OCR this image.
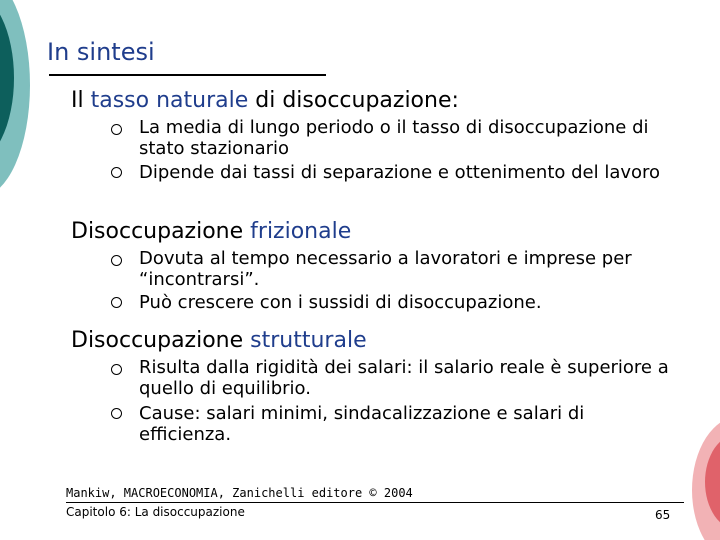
In sintesi
Il tasso naturale di disoccupazione:
La media di lungo periodo o il tasso di disoccupazione di stato stazionario
Dipende dai tassi di separazione e ottenimento del lavoro
Disoccupazione frizionale
Dovuta al tempo necessario a lavoratori e imprese per “incontrarsi”.
Può crescere con i sussidi di disoccupazione.
Disoccupazione strutturale
Risulta dalla rigidità dei salari: il salario reale è superiore a quello di equilibrio.
Cause: salari minimi, sindacalizzazione e salari di efficienza.
Mankiw, MACROECONOMIA, Zanichelli editore © 2004
Capitolo 6: La disoccupazione	65
